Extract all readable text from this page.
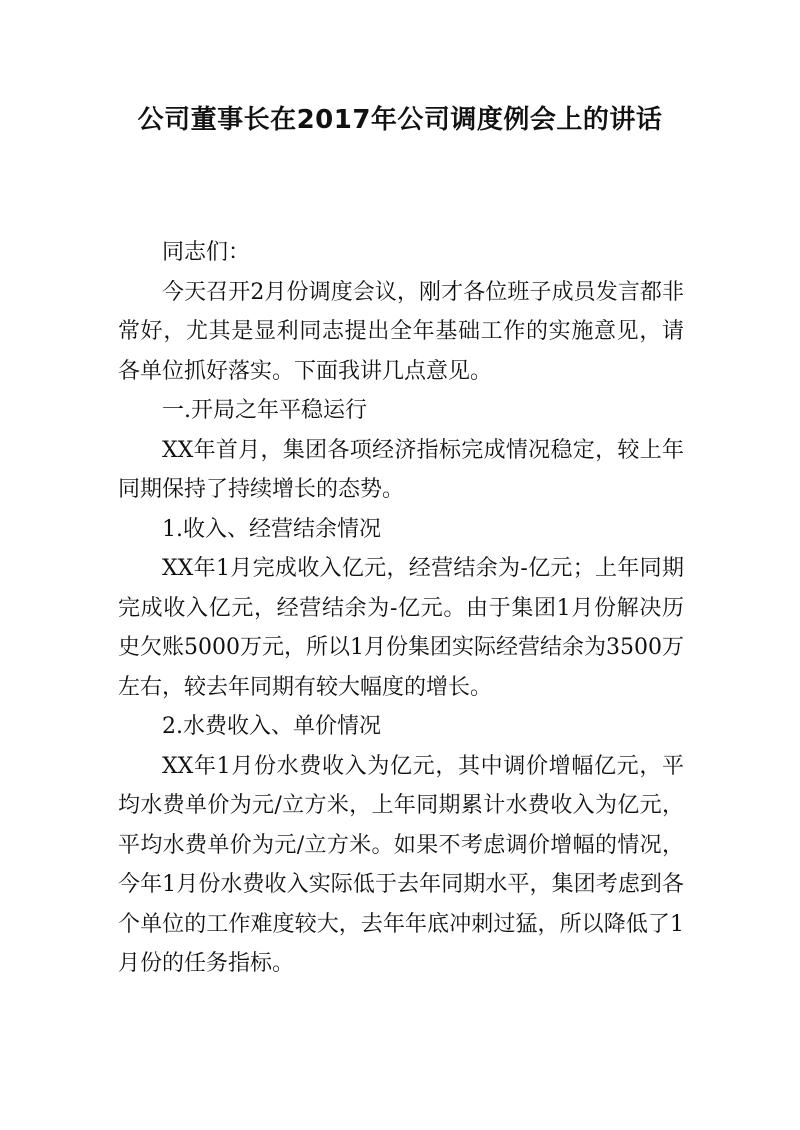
公司董事长在2017年公司调度例会上的讲话

同志们：

今天召开2月份调度会议，刚才各位班子成员发言都非常好，尤其是显利同志提出全年基础工作的实施意见，请各单位抓好落实。下面我讲几点意见。

一.开局之年平稳运行

XX年首月，集团各项经济指标完成情况稳定，较上年同期保持了持续增长的态势。

1.收入、经营结余情况

XX年1月完成收入亿元，经营结余为-亿元；上年同期完成收入亿元，经营结余为-亿元。由于集团1月份解决历史欠账5000万元，所以1月份集团实际经营结余为3500万左右，较去年同期有较大幅度的增长。

2.水费收入、单价情况

XX年1月份水费收入为亿元，其中调价增幅亿元，平均水费单价为元/立方米，上年同期累计水费收入为亿元，平均水费单价为元/立方米。如果不考虑调价增幅的情况，今年1月份水费收入实际低于去年同期水平，集团考虑到各个单位的工作难度较大，去年年底冲刺过猛，所以降低了1月份的任务指标。
